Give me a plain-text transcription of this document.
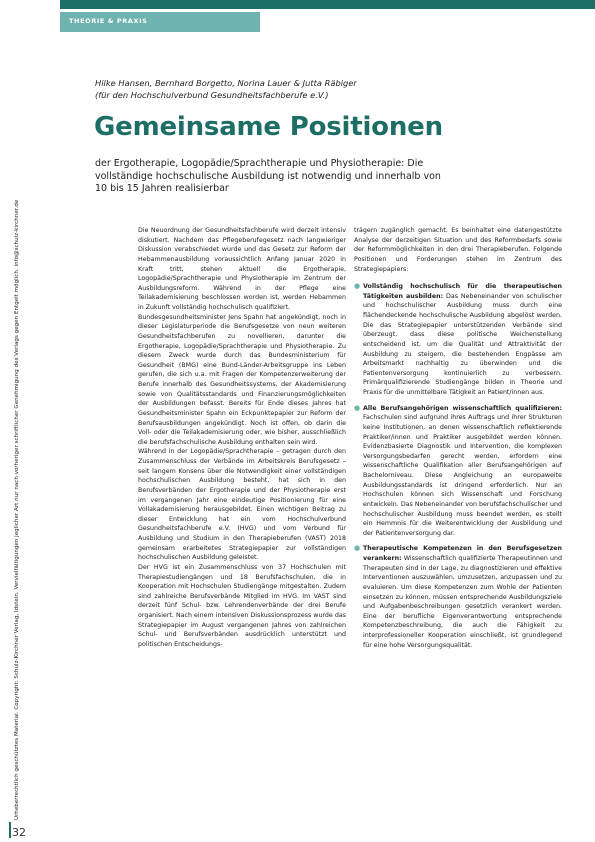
THEORIE & PRAXIS
Urheberrechtlich geschütztes Material. Copyright: Schulz-Kirchner Verlag, Idstein. Vervielfältigungen jeglicher Art nur nach vorheriger schriftlicher Genehmigung des Verlags gegen Entgelt möglich. info@schulz-kirchner.de
32
Hilke Hansen, Bernhard Borgetto, Norina Lauer & Jutta Räbiger
(für den Hochschulverbund Gesundheitsfachberufe e.V.)
Gemeinsame Positionen
der Ergotherapie, Logopädie/Sprachtherapie und Physiotherapie: Die vollständige hochschulische Ausbildung ist notwendig und innerhalb von 10 bis 15 Jahren realisierbar

Die Neuordnung der Gesundheitsfachberufe wird derzeit intensiv diskutiert. Nachdem das Pflegeberufegesetz nach langwieriger Diskussion verabschiedet wurde und das Gesetz zur Reform der Hebammenausbildung voraussichtlich Anfang Januar 2020 in Kraft tritt, stehen aktuell die Ergotherapie, Logopädie/Sprachtherapie und Physiotherapie im Zentrum der Ausbildungsreform. Während in der Pflege eine Teilakademisierung beschlossen worden ist, werden Hebammen in Zukunft vollständig hochschulisch qualifiziert.

Bundesgesundheitsminister Jens Spahn hat angekündigt, noch in dieser Legislaturperiode die Berufsgesetze von neun weiteren Gesundheitsfachberufen zu novellieren, darunter die Ergotherapie, Logopädie/Sprachtherapie und Physiotherapie. Zu diesem Zweck wurde durch das Bundesministerium für Gesundheit (BMG) eine Bund-Länder-Arbeitsgruppe ins Leben gerufen, die sich u.a. mit Fragen der Kompetenzerweiterung der Berufe innerhalb des Gesundheitssystems, der Akademisierung sowie von Qualitätsstandards und Finanzierungsmöglichkeiten der Ausbildungen befasst. Bereits für Ende dieses Jahres hat Gesundheitsminister Spahn ein Eckpunktepapier zur Reform der Berufsausbildungen angekündigt. Noch ist offen, ob darin die Voll- oder die Teilakademisierung oder, wie bisher, ausschließlich die berufsfachschulische Ausbildung enthalten sein wird.

Während in der Logopädie/Sprachtherapie – getragen durch den Zusammenschluss der Verbände im Arbeitskreis Berufsgesetz – seit langem Konsens über die Notwendigkeit einer vollständigen hochschulischen Ausbildung besteht, hat sich in den Berufsverbänden der Ergotherapie und der Physiotherapie erst im vergangenen Jahr eine eindeutige Positionierung für eine Vollakademisierung herausgebildet. Einen wichtigen Beitrag zu dieser Entwicklung hat ein vom Hochschulverbund Gesundheitsfachberufe e.V. (HVG) und vom Verbund für Ausbildung und Studium in den Therapieberufen (VAST) 2018 gemeinsam erarbeitetes Strategiepapier zur vollständigen hochschulischen Ausbildung geleistet.

Der HVG ist ein Zusammenschluss von 37 Hochschulen mit Therapiestudiengängen und 18 Berufsfachschulen, die in Kooperation mit Hochschulen Studiengänge mitgestalten. Zudem sind zahlreiche Berufsverbände Mitglied im HVG. Im VAST sind derzeit fünf Schul- bzw. Lehrendenverbände der drei Berufe organisiert. Nach einem intensiven Diskussionsprozess wurde das Strategiepapier im August vergangenen Jahres von zahlreichen Schul- und Berufsverbänden ausdrücklich unterstützt und politischen Entscheidungs-

trägern zugänglich gemacht. Es beinhaltet eine datengestützte Analyse der derzeitigen Situation und des Reformbedarfs sowie der Reformmöglichkeiten in den drei Therapieberufen. Folgende Positionen und Forderungen stehen im Zentrum des Strategiepapiers:

● Vollständig hochschulisch für die therapeutischen Tätigkeiten ausbilden: Das Nebeneinander von schulischer und hochschulischer Ausbildung muss durch eine flächendeckende hochschulische Ausbildung abgelöst werden. Die das Strategiepapier unterstützenden Verbände sind überzeugt, dass diese politische Weichenstellung entscheidend ist, um die Qualität und Attraktivität der Ausbildung zu steigern, die bestehenden Engpässe am Arbeitsmarkt nachhaltig zu überwinden und die Patientenversorgung kontinuierlich zu verbessern. Primärqualifizierende Studiengänge bilden in Theorie und Praxis für die unmittelbare Tätigkeit an Patient/innen aus.
● Alle Berufsangehörigen wissenschaftlich qualifizieren: Fachschulen sind aufgrund ihres Auftrags und ihrer Strukturen keine Institutionen, an denen wissenschaftlich reflektierende Praktiker/innen und Praktiker ausgebildet werden können. Evidenzbasierte Diagnostik und Intervention, die komplexen Versorgungsbedarfen gerecht werden, erfordern eine wissenschaftliche Qualifikation aller Berufsangehörigen auf Bachelorniveau. Diese Angleichung an europaweite Ausbildungsstandards ist dringend erforderlich. Nur an Hochschulen können sich Wissenschaft und Forschung entwickeln. Das Nebeneinander von berufsfachschulischer und hochschulischer Ausbildung muss beendet werden, es stellt ein Hemmnis für die Weiterentwicklung der Ausbildung und der Patientenversorgung dar.
● Therapeutische Kompetenzen in den Berufsgesetzen verankern: Wissenschaftlich qualifizierte Therapeutinnen und Therapeuten sind in der Lage, zu diagnostizieren und effektive Interventionen auszuwählen, umzusetzen, anzupassen und zu evaluieren. Um diese Kompetenzen zum Wohle der Patienten einsetzen zu können, müssen entsprechende Ausbildungsziele und Aufgabenbeschreibungen gesetzlich verankert werden. Eine der berufliche Eigenverantwortung entsprechende Kompetenzbeschreibung, die auch die Fähigkeit zu interprofessioneller Kooperation einschließt, ist grundlegend für eine hohe Versorgungsqualität.
